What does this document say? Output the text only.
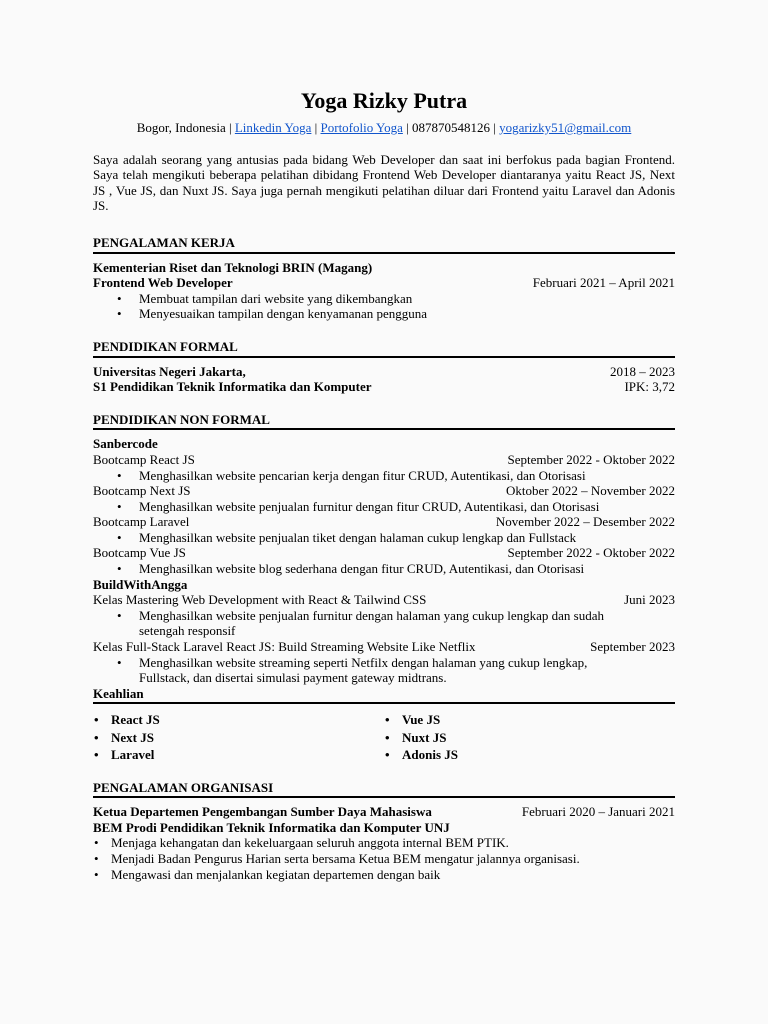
Yoga Rizky Putra
Bogor, Indonesia | Linkedin Yoga | Portofolio Yoga | 087870548126 | yogarizky51@gmail.com
Saya adalah seorang yang antusias pada bidang Web Developer dan saat ini berfokus pada bagian Frontend. Saya telah mengikuti beberapa pelatihan dibidang Frontend Web Developer diantaranya yaitu React JS, Next JS , Vue JS, dan Nuxt JS. Saya juga pernah mengikuti pelatihan diluar dari Frontend yaitu Laravel dan Adonis JS.
PENGALAMAN KERJA
Kementerian Riset dan Teknologi BRIN (Magang)
Frontend Web Developer	Februari 2021 – April 2021
• Membuat tampilan dari website yang dikembangkan
• Menyesuaikan tampilan dengan kenyamanan pengguna
PENDIDIKAN FORMAL
Universitas Negeri Jakarta,	2018 – 2023
S1 Pendidikan Teknik Informatika dan Komputer	IPK: 3,72
PENDIDIKAN NON FORMAL
Sanbercode
Bootcamp React JS	September 2022 - Oktober 2022
• Menghasilkan website pencarian kerja dengan fitur CRUD, Autentikasi, dan Otorisasi
Bootcamp Next JS	Oktober 2022 – November 2022
• Menghasilkan website penjualan furnitur dengan fitur CRUD, Autentikasi, dan Otorisasi
Bootcamp Laravel	November 2022 – Desember 2022
• Menghasilkan website penjualan tiket dengan halaman cukup lengkap dan Fullstack
Bootcamp Vue JS	September 2022 - Oktober 2022
• Menghasilkan website blog sederhana dengan fitur CRUD, Autentikasi, dan Otorisasi
BuildWithAngga
Kelas Mastering Web Development with React & Tailwind CSS	Juni 2023
• Menghasilkan website penjualan furnitur dengan halaman yang cukup lengkap dan sudah setengah responsif
Kelas Full-Stack Laravel React JS: Build Streaming Website Like Netflix	September 2023
• Menghasilkan website streaming seperti Netfilx dengan halaman yang cukup lengkap, Fullstack, dan disertai simulasi payment gateway midtrans.
Keahlian
• React JS
• Next JS
• Laravel
• Vue JS
• Nuxt JS
• Adonis JS
PENGALAMAN ORGANISASI
Ketua Departemen Pengembangan Sumber Daya Mahasiswa	Februari 2020 – Januari 2021
BEM Prodi Pendidikan Teknik Informatika dan Komputer UNJ
• Menjaga kehangatan dan kekeluargaan seluruh anggota internal BEM PTIK.
• Menjadi Badan Pengurus Harian serta bersama Ketua BEM mengatur jalannya organisasi.
• Mengawasi dan menjalankan kegiatan departemen dengan baik
